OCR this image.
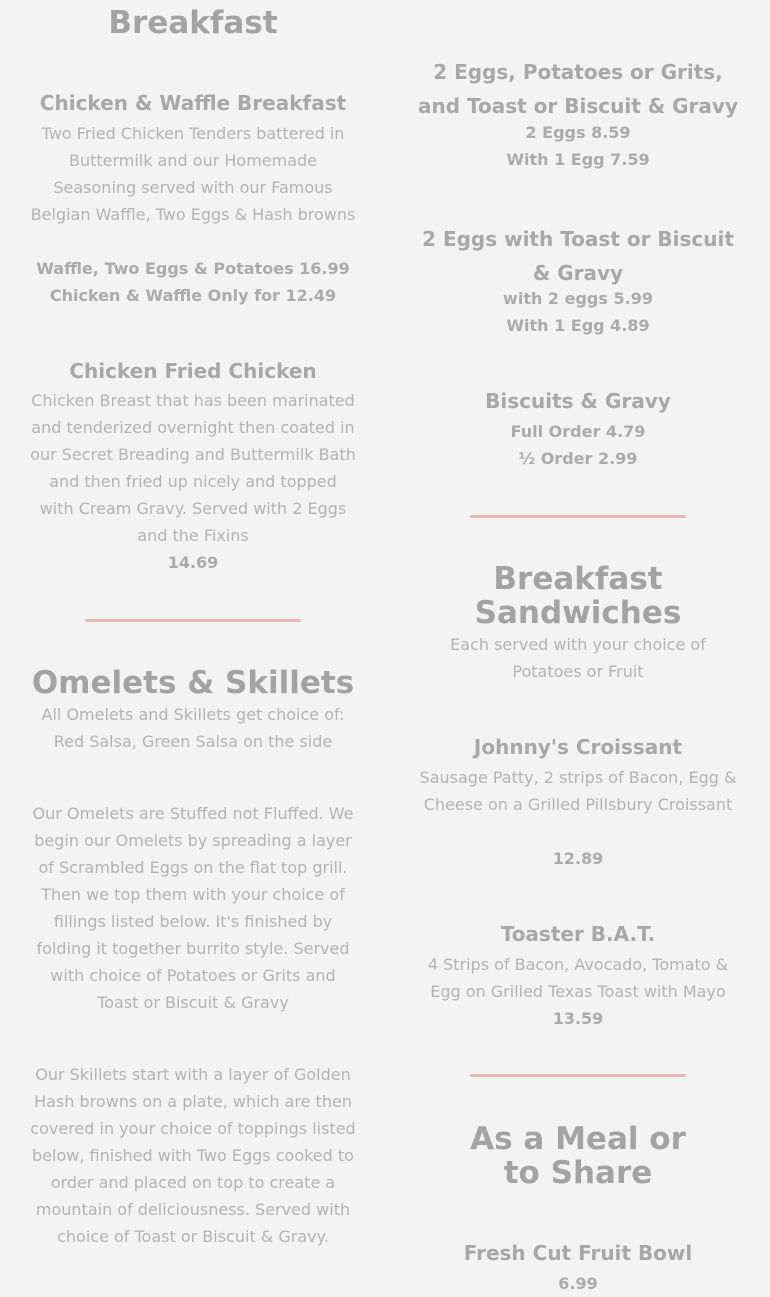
Breakfast
Chicken & Waffle Breakfast
Two Fried Chicken Tenders battered in Buttermilk and our Homemade Seasoning served with our Famous Belgian Waffle, Two Eggs & Hash browns
Waffle, Two Eggs & Potatoes 16.99
Chicken & Waffle Only for 12.49
Chicken Fried Chicken
Chicken Breast that has been marinated and tenderized overnight then coated in our Secret Breading and Buttermilk Bath and then fried up nicely and topped with Cream Gravy. Served with 2 Eggs and the Fixins
14.69
Omelets & Skillets
All Omelets and Skillets get choice of: Red Salsa, Green Salsa on the side
Our Omelets are Stuffed not Fluffed. We begin our Omelets by spreading a layer of Scrambled Eggs on the flat top grill. Then we top them with your choice of fillings listed below. It's finished by folding it together burrito style. Served with choice of Potatoes or Grits and Toast or Biscuit & Gravy
Our Skillets start with a layer of Golden Hash browns on a plate, which are then covered in your choice of toppings listed below, finished with Two Eggs cooked to order and placed on top to create a mountain of deliciousness. Served with choice of Toast or Biscuit & Gravy.
2 Eggs, Potatoes or Grits, and Toast or Biscuit & Gravy
2 Eggs 8.59
With 1 Egg 7.59
2 Eggs with Toast or Biscuit & Gravy
with 2 eggs 5.99
With 1 Egg 4.89
Biscuits & Gravy
Full Order 4.79
½ Order 2.99
Breakfast Sandwiches
Each served with your choice of Potatoes or Fruit
Johnny's Croissant
Sausage Patty, 2 strips of Bacon, Egg & Cheese on a Grilled Pillsbury Croissant
12.89
Toaster B.A.T.
4 Strips of Bacon, Avocado, Tomato & Egg on Grilled Texas Toast with Mayo
13.59
As a Meal or to Share
Fresh Cut Fruit Bowl
6.99
